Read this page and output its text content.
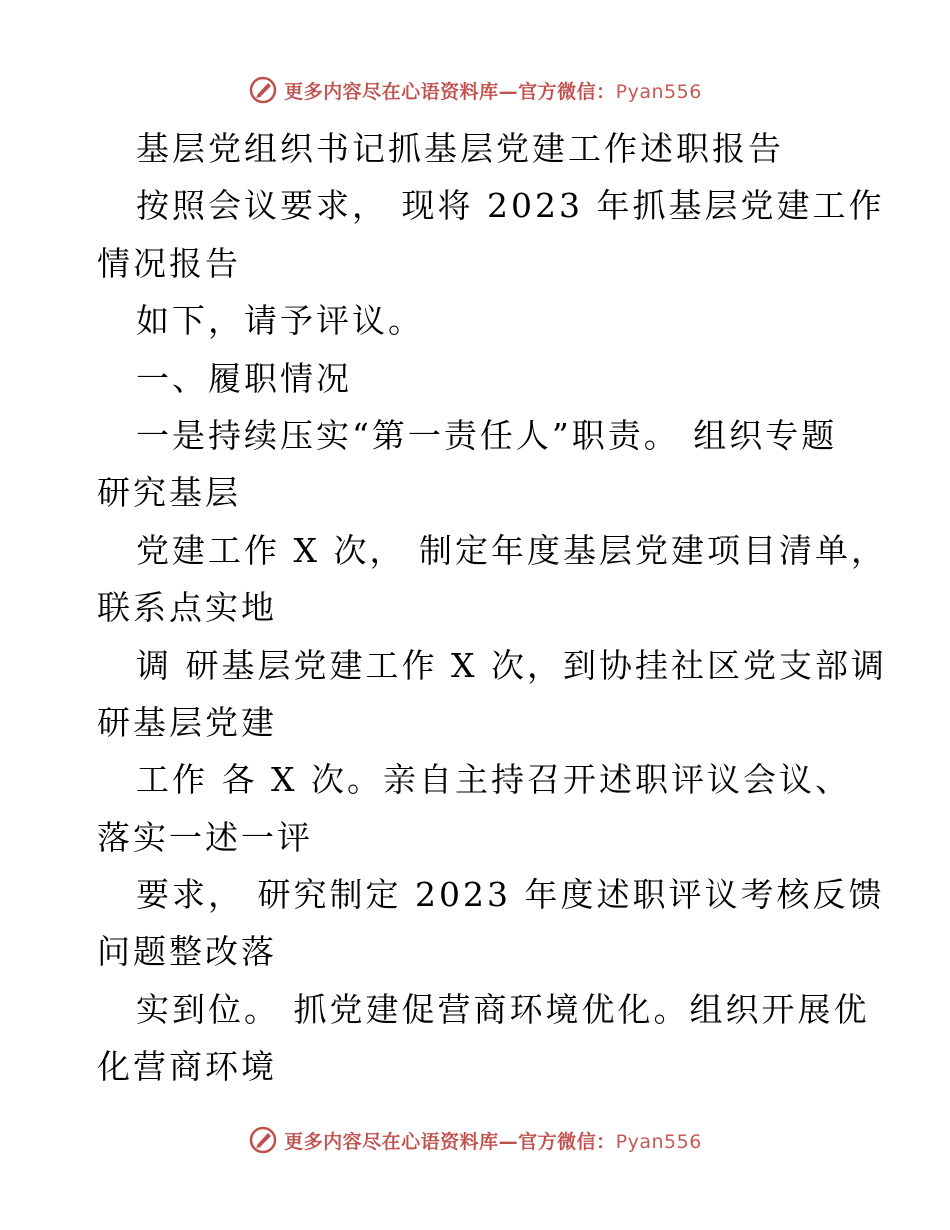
更多内容尽在心语资料库—官方微信：Pyan556
基层党组织书记抓基层党建工作述职报告
按照会议要求， 现将 2023 年抓基层党建工作
情况报告
如下，请予评议。
一、履职情况
一是持续压实“第一责任人”职责。 组织专题
研究基层
党建工作 X 次， 制定年度基层党建项目清单，
联系点实地
调 研基层党建工作 X 次，到协挂社区党支部调
研基层党建
工作 各 X 次。亲自主持召开述职评议会议、
落实一述一评
要求， 研究制定 2023 年度述职评议考核反馈
问题整改落
实到位。 抓党建促营商环境优化。组织开展优
化营商环境
更多内容尽在心语资料库—官方微信：Pyan556
